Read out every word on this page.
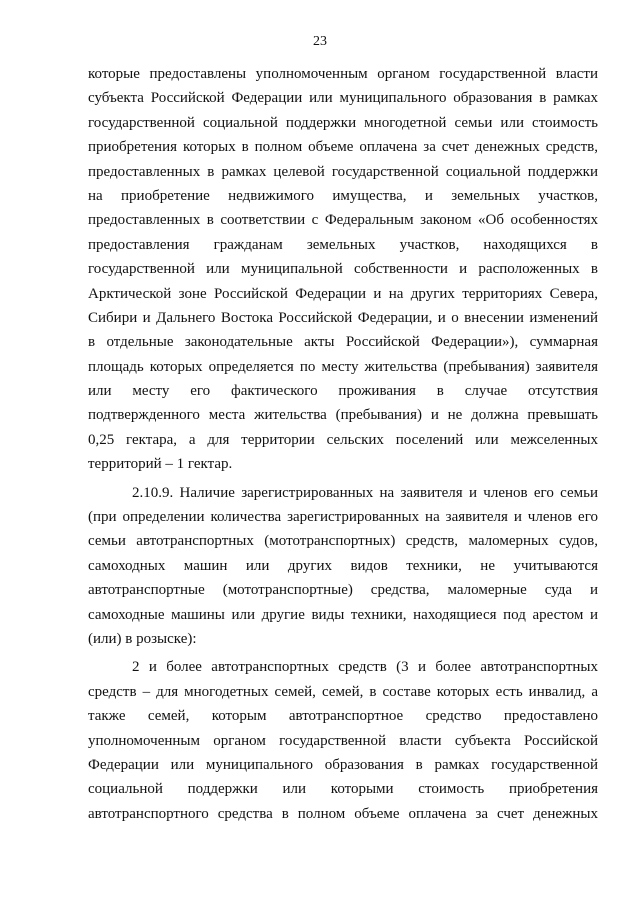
23
которые предоставлены уполномоченным органом государственной власти
субъекта Российской Федерации или муниципального образования в рамках
государственной социальной поддержки многодетной семьи или стоимость
приобретения которых в полном объеме оплачена за счет денежных средств,
предоставленных в рамках целевой государственной социальной поддержки
на приобретение недвижимого имущества, и земельных участков,
предоставленных в соответствии с Федеральным законом «Об особенностях
предоставления гражданам земельных участков, находящихся в
государственной или муниципальной собственности и расположенных в
Арктической зоне Российской Федерации и на других территориях Севера,
Сибири и Дальнего Востока Российской Федерации, и о внесении изменений
в отдельные законодательные акты Российской Федерации»), суммарная
площадь которых определяется по месту жительства (пребывания) заявителя
или месту его фактического проживания в случае отсутствия
подтвержденного места жительства (пребывания) и не должна превышать
0,25 гектара, а для территории сельских поселений или межселенных
территорий – 1 гектар.
2.10.9. Наличие зарегистрированных на заявителя и членов его семьи
(при определении количества зарегистрированных на заявителя и членов его
семьи автотранспортных (мототранспортных) средств, маломерных судов,
самоходных машин или других видов техники, не учитываются
автотранспортные (мототранспортные) средства, маломерные суда и
самоходные машины или другие виды техники, находящиеся под арестом и
(или) в розыске):
2 и более автотранспортных средств (3 и более автотранспортных
средств – для многодетных семей, семей, в составе которых есть инвалид, а
также семей, которым автотранспортное средство предоставлено
уполномоченным органом государственной власти субъекта Российской
Федерации или муниципального образования в рамках государственной
социальной поддержки или которыми стоимость приобретения
автотранспортного средства в полном объеме оплачена за счет денежных
